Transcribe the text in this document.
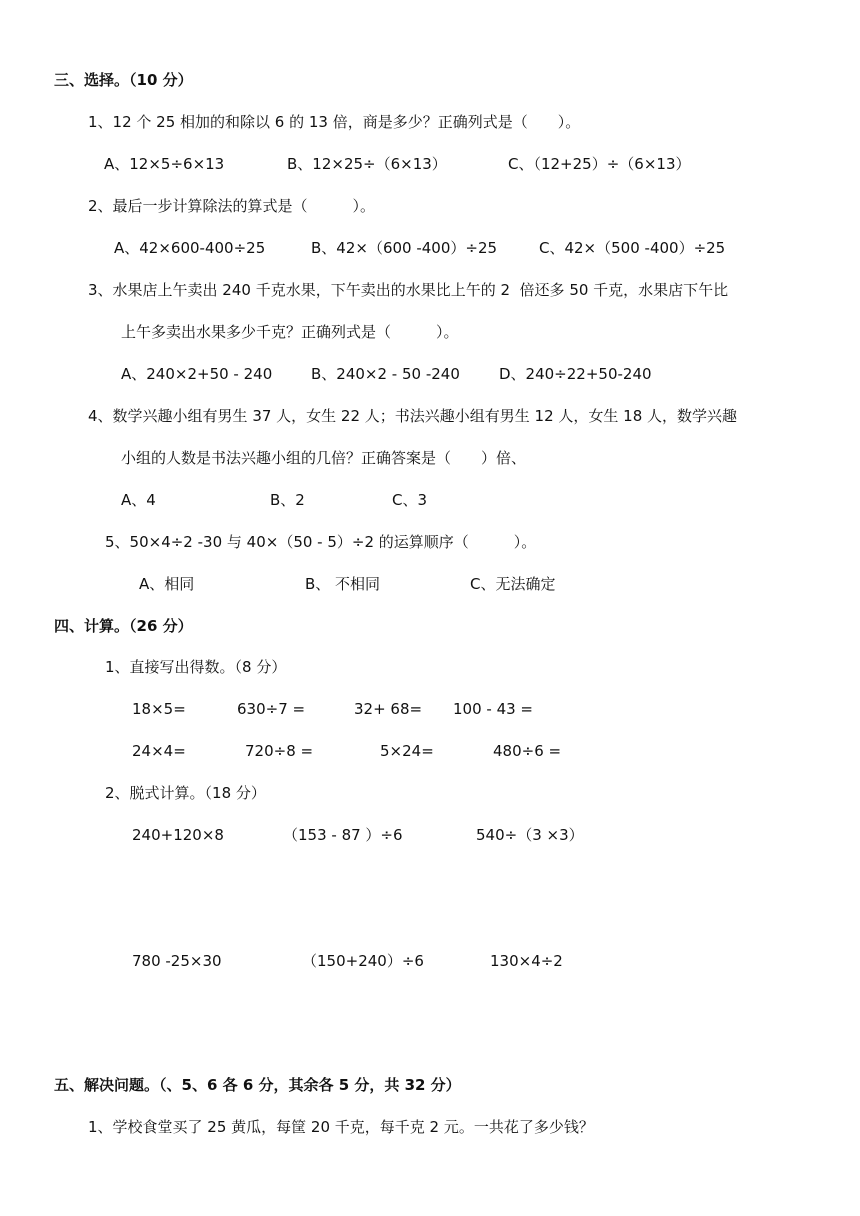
三、选择。（10 分）
1、12 个 25 相加的和除以 6 的 13 倍，商是多少？正确列式是（　　）。
A、12×5÷6×13	B、12×25÷（6×13）	C、（12+25）÷（6×13）
2、最后一步计算除法的算式是（　　　）。
A、42×600-400÷25	B、42×（600 -400）÷25	C、42×（500 -400）÷25
3、水果店上午卖出 240 千克水果，下午卖出的水果比上午的 2  倍还多 50 千克，水果店下午比
上午多卖出水果多少千克？正确列式是（　　　）。
A、240×2+50 - 240	B、240×2 - 50 -240	D、240÷22+50-240
4、数学兴趣小组有男生 37 人，女生 22 人；书法兴趣小组有男生 12 人，女生 18 人，数学兴趣
小组的人数是书法兴趣小组的几倍？正确答案是（　　）倍、
A、4	B、2	C、3
5、50×4÷2 -30 与 40×（50 - 5）÷2 的运算顺序（　　　）。
A、相同	B、 不相同	C、无法确定
四、计算。（26 分）
1、直接写出得数。（8 分）
18×5=	630÷7 =	32+ 68= 100 - 43 =
24×4=	720÷8 =	5×24=	480÷6 =
2、脱式计算。（18 分）
240+120×8	（153 - 87 ）÷6	540÷（3 ×3）
780 -25×30	（150+240）÷6	130×4÷2
五、解决问题。（、5、6 各 6 分，其余各 5 分，共 32 分）
1、学校食堂买了 25 黄瓜，每筐 20 千克，每千克 2 元。一共花了多少钱？
